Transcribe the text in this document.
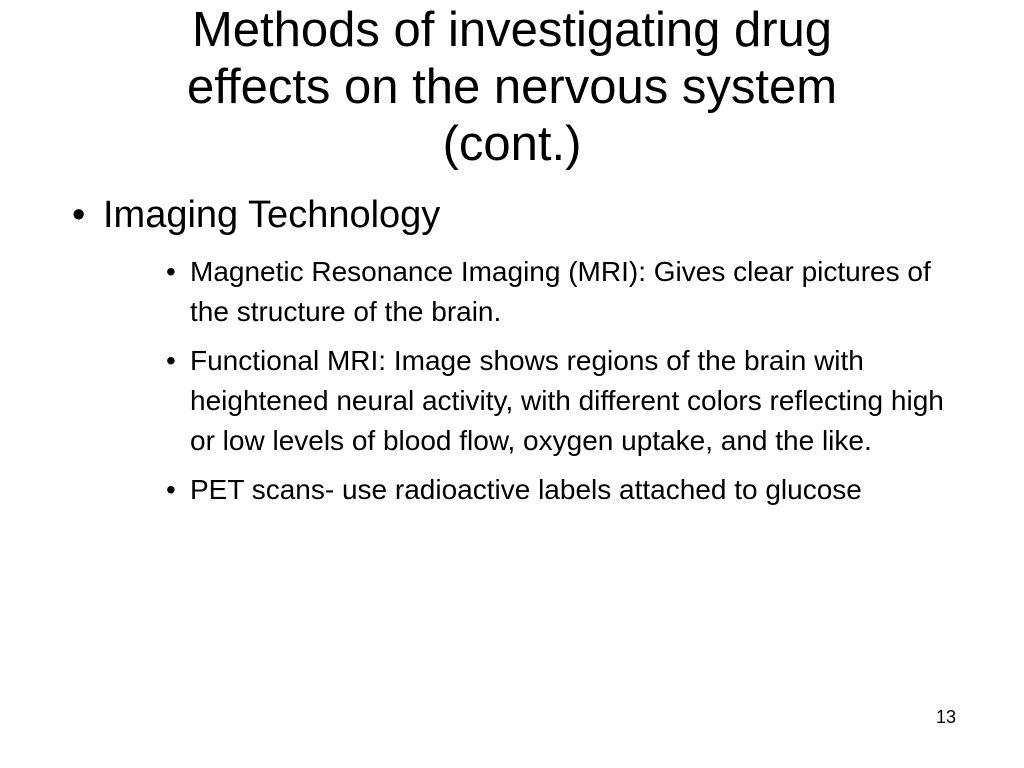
Methods of investigating drug
effects on the nervous system
(cont.)
• Imaging Technology
• Magnetic Resonance Imaging (MRI): Gives clear pictures of the structure of the brain.
• Functional MRI: Image shows regions of the brain with heightened neural activity, with different colors reflecting high or low levels of blood flow, oxygen uptake, and the like.
• PET scans- use radioactive labels attached to glucose
13
